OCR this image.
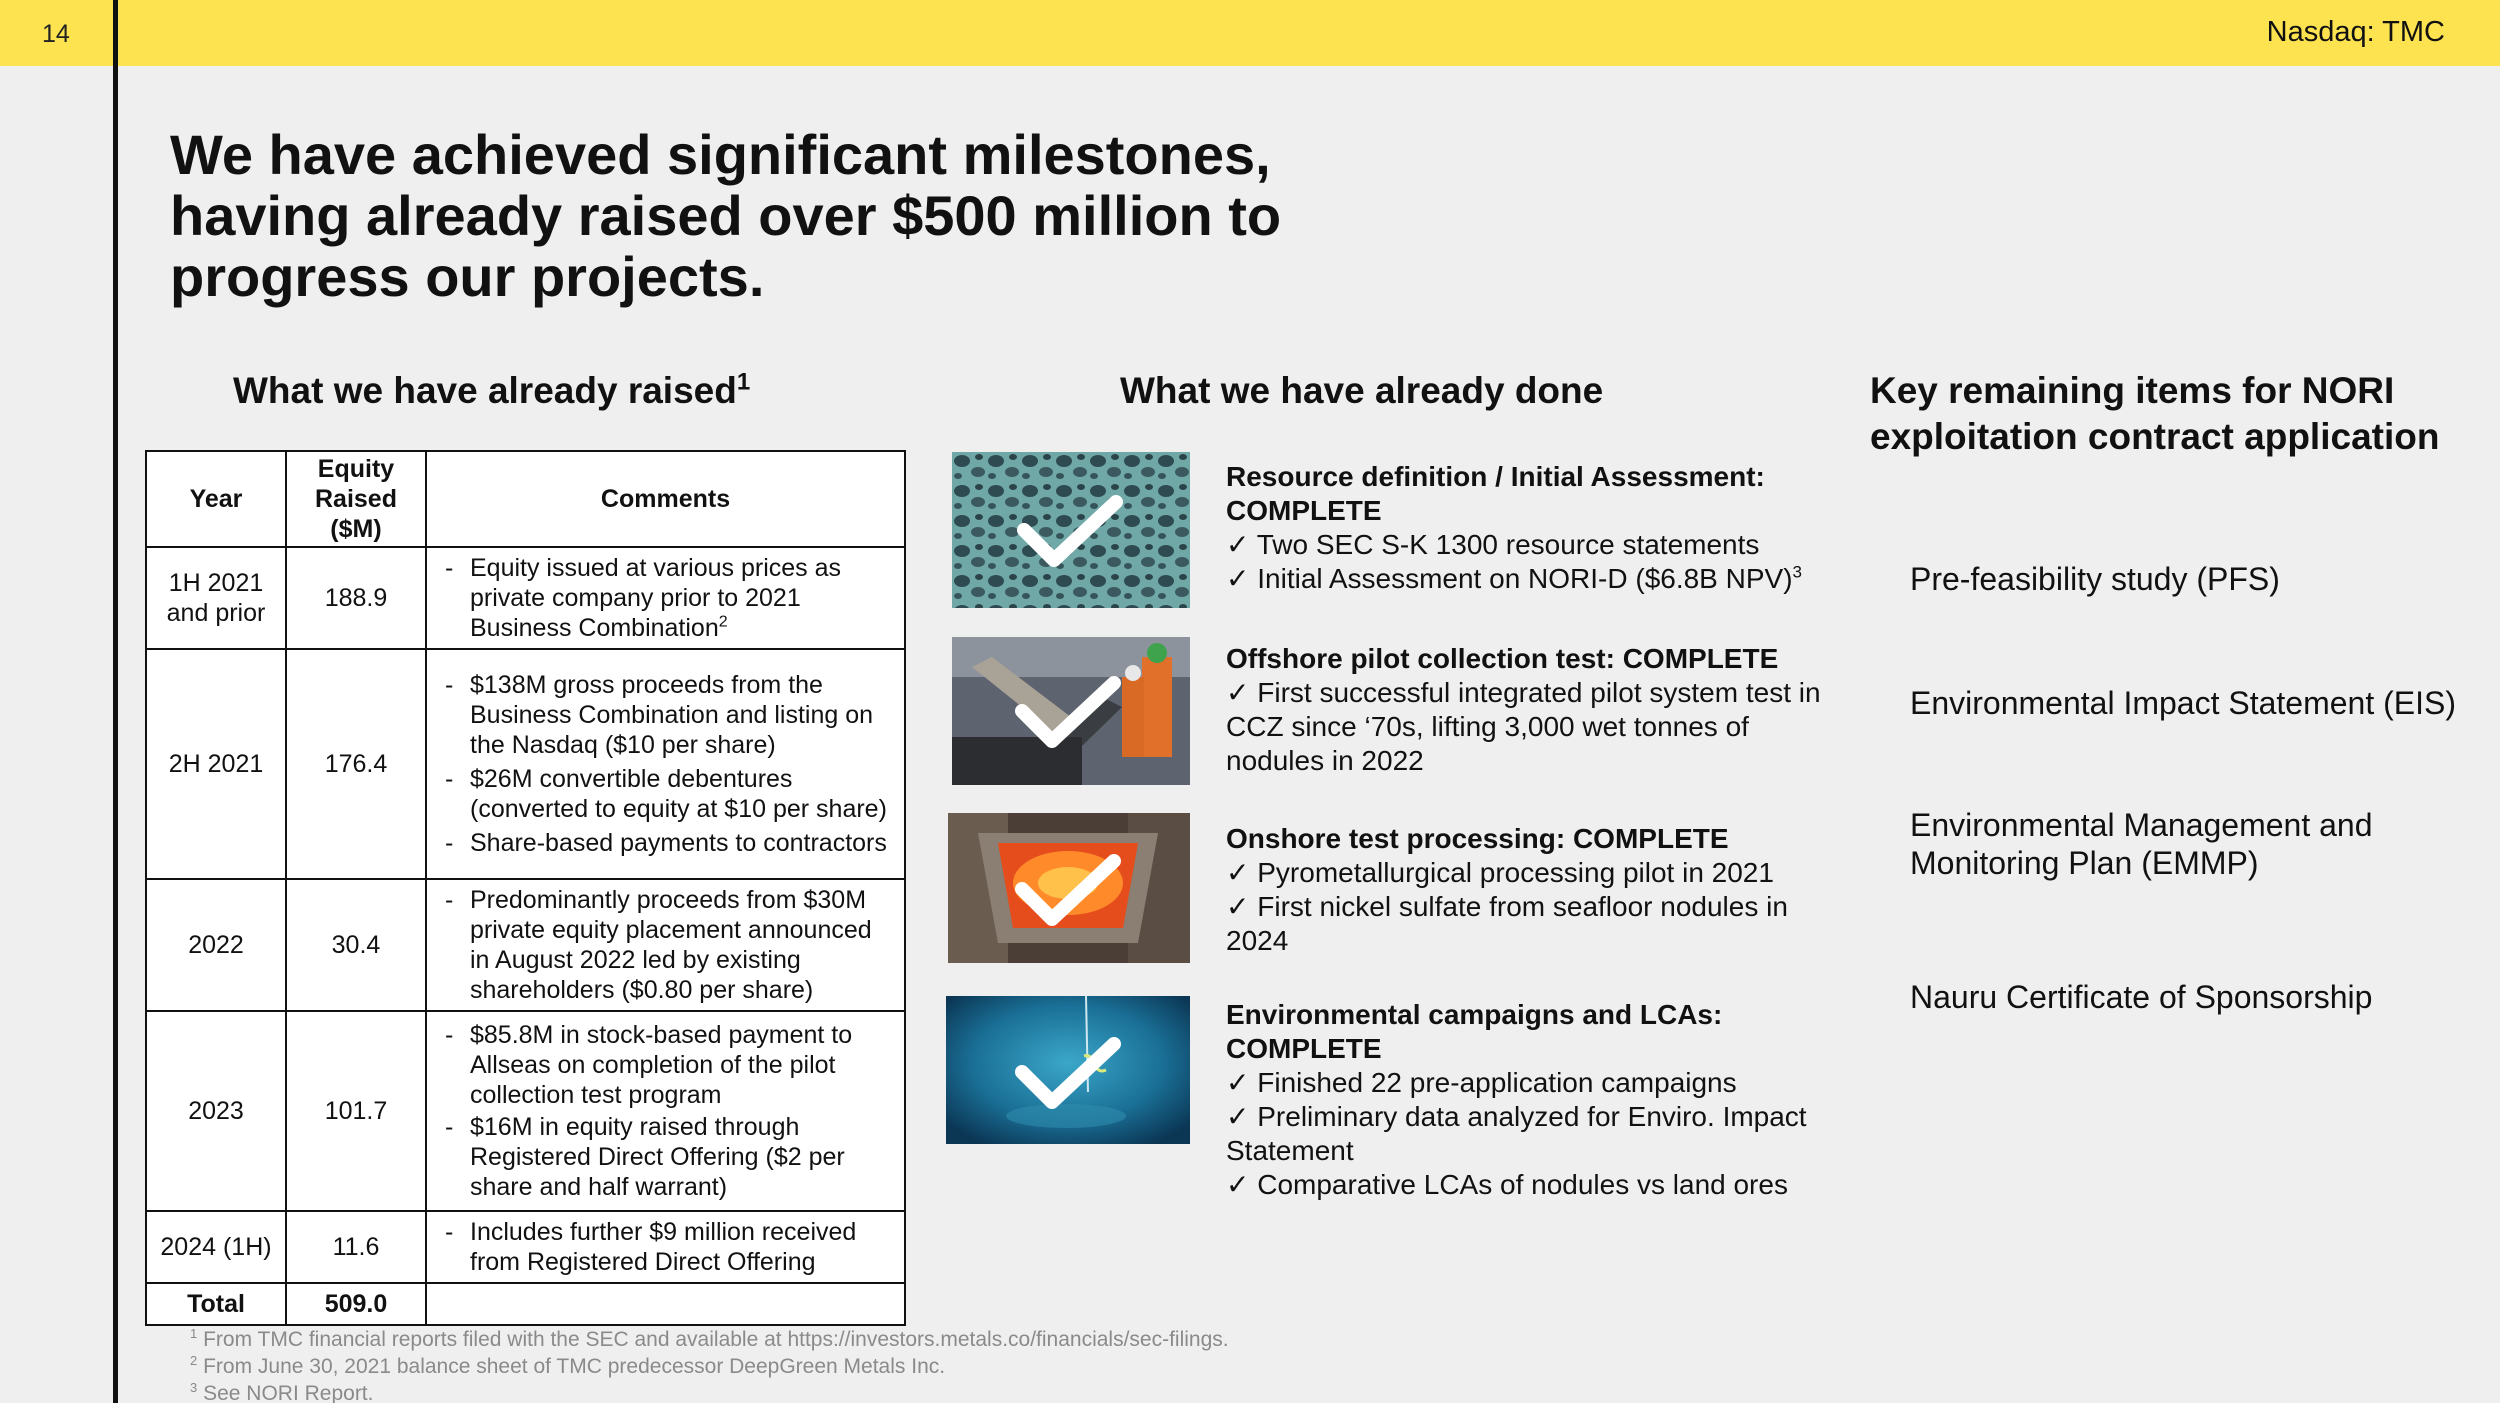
14	Nasdaq: TMC
We have achieved significant milestones, having already raised over $500 million to progress our projects.
What we have already raised$^1$
Year	Equity Raised ($M)	Comments
1H 2021 and prior	188.9	- Equity issued at various prices as private company prior to 2021 Business Combination$^2$

2H 2021	176.4	- $138M gross proceeds from the Business Combination and listing on the Nasdaq ($10 per share)
- $26M convertible debentures (converted to equity at $10 per share)
- Share-based payments to contractors

2022	30.4	- Predominantly proceeds from $30M private equity placement announced in August 2022 led by existing shareholders ($0.80 per share)

2023	101.7	- $85.8M in stock-based payment to Allseas on completion of the pilot collection test program
- $16M in equity raised through Registered Direct Offering ($2 per share and half warrant)

2024 (1H)	11.6	- Includes further $9 million received from Registered Direct Offering

Total	509.0	
$^1$ From TMC financial reports filed with the SEC and available at https://investors.metals.co/financials/sec-filings.
$^2$ From June 30, 2021 balance sheet of TMC predecessor DeepGreen Metals Inc.
$^3$ See NORI Report.
What we have already done
Resource definition / Initial Assessment: COMPLETE
✓ Two SEC S-K 1300 resource statements
✓ Initial Assessment on NORI-D ($6.8B NPV)$^3$
Offshore pilot collection test: COMPLETE
✓ First successful integrated pilot system test in CCZ since ‘70s, lifting 3,000 wet tonnes of nodules in 2022
Onshore test processing: COMPLETE
✓ Pyrometallurgical processing pilot in 2021
✓ First nickel sulfate from seafloor nodules in 2024
Environmental campaigns and LCAs: COMPLETE
✓ Finished 22 pre-application campaigns
✓ Preliminary data analyzed for Enviro. Impact Statement
✓ Comparative LCAs of nodules vs land ores
Key remaining items for NORI exploitation contract application
Pre-feasibility study (PFS)
Environmental Impact Statement (EIS)
Environmental Management and Monitoring Plan (EMMP)
Nauru Certificate of Sponsorship
